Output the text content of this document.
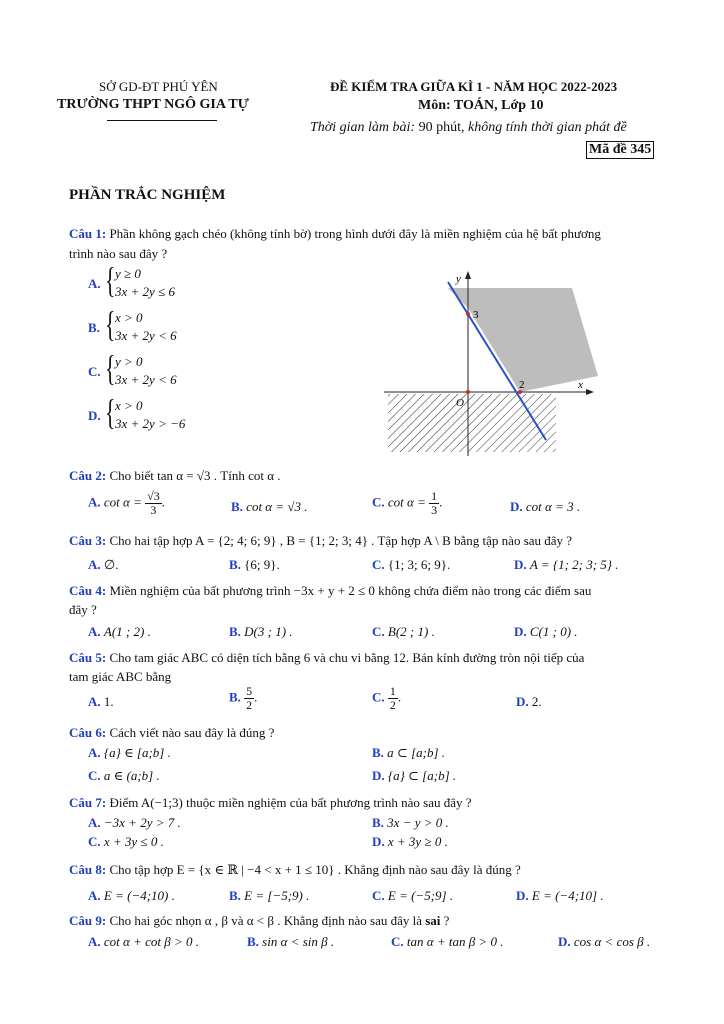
SỞ GD-ĐT PHÚ YÊN
TRƯỜNG THPT NGÔ GIA TỰ
ĐỀ KIỂM TRA GIỮA KÌ 1 - NĂM HỌC 2022-2023
Môn: TOÁN, Lớp 10
Thời gian làm bài: 90 phút, không tính thời gian phát đề
Mã đề 345
PHẦN TRẮC NGHIỆM
Câu 1: Phần không gạch chéo (không tính bờ) trong hình dưới đây là miền nghiệm của hệ bất phương
trình nào sau đây ?
A. { y ≥ 0
3x + 2y ≤ 6
B. { x > 0
3x + 2y < 6
C. { y > 0
3x + 2y < 6
D. { x > 0
3x + 2y > −6
y
x
O
3
2
Câu 2: Cho biết tan α = √3 . Tính cot α .
A. $\cot \alpha = \frac{√3}{3}$ .	B. cot α = √3 .	C. $\cot \alpha = \frac{1}{3}$ .	D. cot α = 3 .
Câu 3: Cho hai tập hợp A = {2; 4; 6; 9} , B = {1; 2; 3; 4} . Tập hợp A \ B bằng tập nào sau đây ?
A. ∅.	B. {6; 9}.	C. {1; 3; 6; 9}.	D. A = {1; 2; 3; 5} .
Câu 4: Miền nghiệm của bất phương trình −3x + y + 2 ≤ 0 không chứa điểm nào trong các điểm sau
đây ?
A. A(1 ; 2) .	B. D(3 ; 1) .	C. B(2 ; 1) .	D. C(1 ; 0) .
Câu 5: Cho tam giác ABC có diện tích bằng 6 và chu vi bằng 12. Bán kính đường tròn nội tiếp của
tam giác ABC bằng
A. 1.	B. $\frac{5}{2}$ .	C. $\frac{1}{2}$ .	D. 2.
Câu 6: Cách viết nào sau đây là đúng ?
A. {a} ∈ [a;b] .	B. a ⊂ [a;b] .
C. a ∈ (a;b] .	D. {a} ⊂ [a;b] .
Câu 7: Điểm A(−1;3) thuộc miền nghiệm của bất phương trình nào sau đây ?
A. −3x + 2y > 7 .	B. 3x − y > 0 .
C. x + 3y ≤ 0 .	D. x + 3y ≥ 0 .
Câu 8: Cho tập hợp E = {x ∈ ℝ | −4 < x + 1 ≤ 10} . Khẳng định nào sau đây là đúng ?
A. E = (−4;10) .	B. E = [−5;9) .	C. E = (−5;9] .	D. E = (−4;10] .
Câu 9: Cho hai góc nhọn α , β và α < β . Khẳng định nào sau đây là sai ?
A. cot α + cot β > 0 .	B. sin α < sin β .	C. tan α + tan β > 0 .	D. cos α < cos β .
